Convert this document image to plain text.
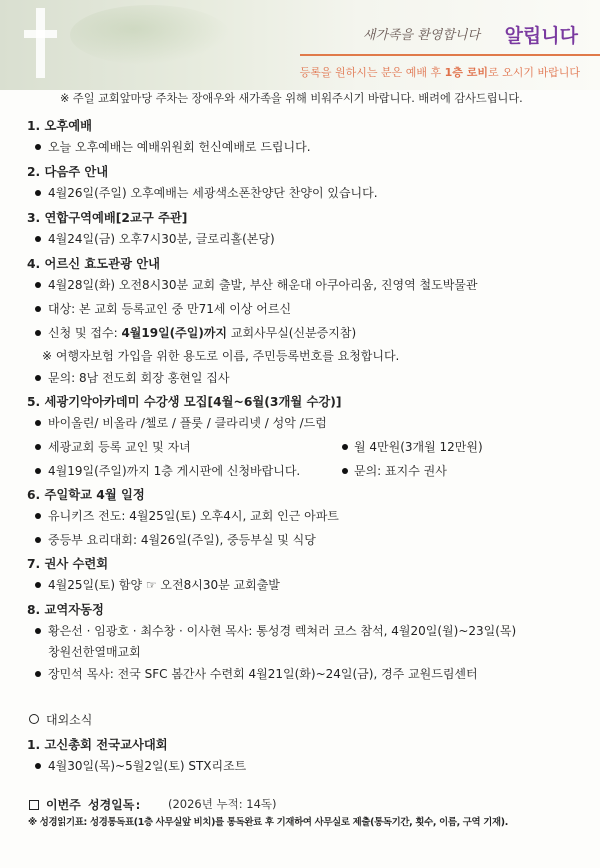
새가족을 환영합니다 알립니다
등록을 원하시는 분은 예배 후 1층 로비로 오시기 바랍니다
※ 주일 교회앞마당 주차는 장애우와 새가족을 위해 비워주시기 바랍니다. 배려에 감사드립니다.
1. 오후예배
오늘 오후예배는 예배위원회 헌신예배로 드립니다.
2. 다음주 안내
4월26일(주일) 오후예배는 세광색소폰찬양단 찬양이 있습니다.
3. 연합구역예배[2교구 주관]
4월24일(금) 오후7시30분, 글로리홀(본당)
4. 어르신 효도관광 안내
4월28일(화) 오전8시30분 교회 출발, 부산 해운대 아쿠아리움, 진영역 철도박물관
대상: 본 교회 등록교인 중 만71세 이상 어르신
신청 및 접수: 4월19일(주일)까지 교회사무실(신분증지참)
※ 여행자보험 가입을 위한 용도로 이름, 주민등록번호를 요청합니다.
문의: 8남 전도회 회장 홍현일 집사
5. 세광기악아카데미 수강생 모집[4월~6월(3개월 수강)]
바이올린/ 비올라 /첼로 / 플룻 / 클라리넷 / 성악 /드럼
세광교회 등록 교인 및 자녀	월 4만원(3개월 12만원)
4월19일(주일)까지 1층 게시판에 신청바랍니다.	문의: 표지수 권사
6. 주일학교 4월 일정
유니키즈 전도: 4월25일(토) 오후4시, 교회 인근 아파트
중등부 요리대회: 4월26일(주일), 중등부실 및 식당
7. 권사 수련회
4월25일(토) 함양 ☞ 오전8시30분 교회출발
8. 교역자동정
황은선 · 임광호 · 최수창 · 이사현 목사: 통성경 렉쳐러 코스 참석, 4월20일(월)~23일(목)
창원선한열매교회
장민석 목사: 전국 SFC 봄간사 수련회 4월21일(화)~24일(금), 경주 교원드림센터
대외소식
1. 고신총회 전국교사대회
4월30일(목)~5월2일(토) STX리조트
이번주 성경일독: (2026년 누적: 14독)
※ 성경읽기표: 성경통독표(1층 사무실앞 비치)를 통독완료 후 기재하여 사무실로 제출(통독기간, 횟수, 이름, 구역 기재).
